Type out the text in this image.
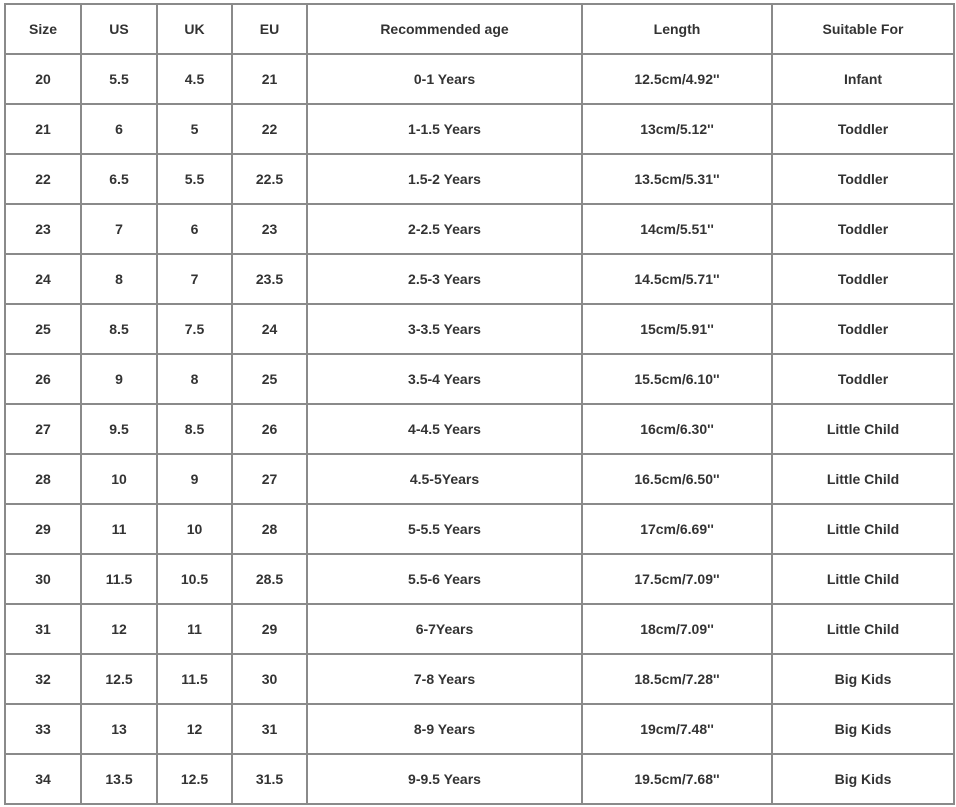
Size	US	UK	EU	Recommended age	Length	Suitable For
20	5.5	4.5	21	0-1 Years	12.5cm/4.92''	Infant
21	6	5	22	1-1.5 Years	13cm/5.12''	Toddler
22	6.5	5.5	22.5	1.5-2 Years	13.5cm/5.31''	Toddler
23	7	6	23	2-2.5 Years	14cm/5.51''	Toddler
24	8	7	23.5	2.5-3 Years	14.5cm/5.71''	Toddler
25	8.5	7.5	24	3-3.5 Years	15cm/5.91''	Toddler
26	9	8	25	3.5-4 Years	15.5cm/6.10''	Toddler
27	9.5	8.5	26	4-4.5 Years	16cm/6.30''	Little Child
28	10	9	27	4.5-5Years	16.5cm/6.50''	Little Child
29	11	10	28	5-5.5 Years	17cm/6.69''	Little Child
30	11.5	10.5	28.5	5.5-6 Years	17.5cm/7.09''	Little Child
31	12	11	29	6-7Years	18cm/7.09''	Little Child
32	12.5	11.5	30	7-8 Years	18.5cm/7.28''	Big Kids
33	13	12	31	8-9 Years	19cm/7.48''	Big Kids
34	13.5	12.5	31.5	9-9.5 Years	19.5cm/7.68''	Big Kids
